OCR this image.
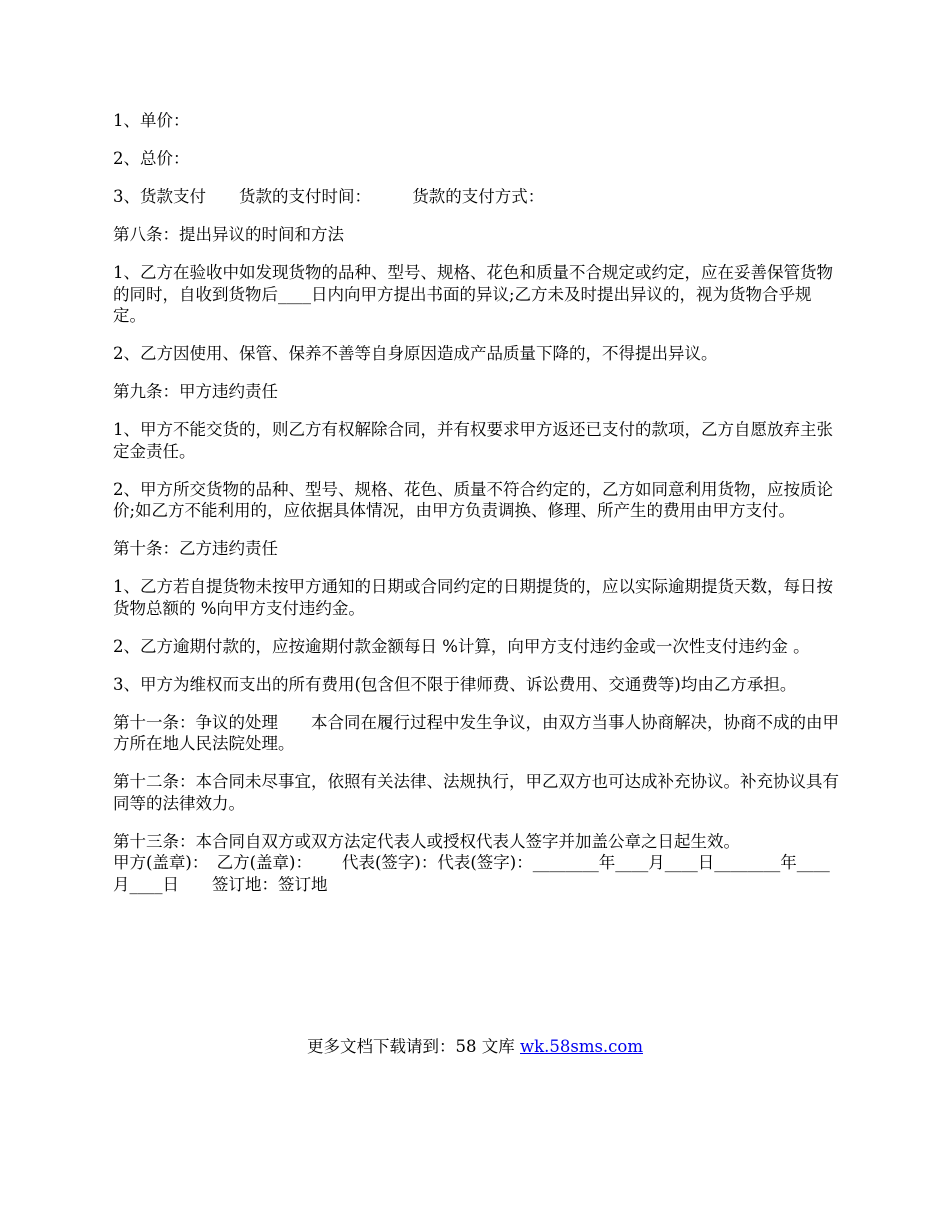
1、单价：

2、总价：

3、货款支付　　货款的支付时间：　　　货款的支付方式：

第八条：提出异议的时间和方法

1、乙方在验收中如发现货物的品种、型号、规格、花色和质量不合规定或约定，应在妥善保管货物的同时，自收到货物后____日内向甲方提出书面的异议;乙方未及时提出异议的，视为货物合乎规定。

2、乙方因使用、保管、保养不善等自身原因造成产品质量下降的，不得提出异议。

第九条：甲方违约责任

1、甲方不能交货的，则乙方有权解除合同，并有权要求甲方返还已支付的款项，乙方自愿放弃主张定金责任。

2、甲方所交货物的品种、型号、规格、花色、质量不符合约定的，乙方如同意利用货物，应按质论价;如乙方不能利用的，应依据具体情况，由甲方负责调换、修理、所产生的费用由甲方支付。

第十条：乙方违约责任

1、乙方若自提货物未按甲方通知的日期或合同约定的日期提货的，应以实际逾期提货天数，每日按货物总额的 %向甲方支付违约金。

2、乙方逾期付款的，应按逾期付款金额每日 %计算，向甲方支付违约金或一次性支付违约金 。

3、甲方为维权而支出的所有费用(包含但不限于律师费、诉讼费用、交通费等)均由乙方承担。

第十一条：争议的处理　　本合同在履行过程中发生争议，由双方当事人协商解决，协商不成的由甲方所在地人民法院处理。

第十二条：本合同未尽事宜，依照有关法律、法规执行，甲乙双方也可达成补充协议。补充协议具有同等的法律效力。

第十三条：本合同自双方或双方法定代表人或授权代表人签字并加盖公章之日起生效。

甲方(盖章)：　乙方(盖章)：　　 代表(签字)：代表(签字)：________年____月____日________年____月____日　　签订地：签订地

更多文档下载请到：58 文库 wk.58sms.com
